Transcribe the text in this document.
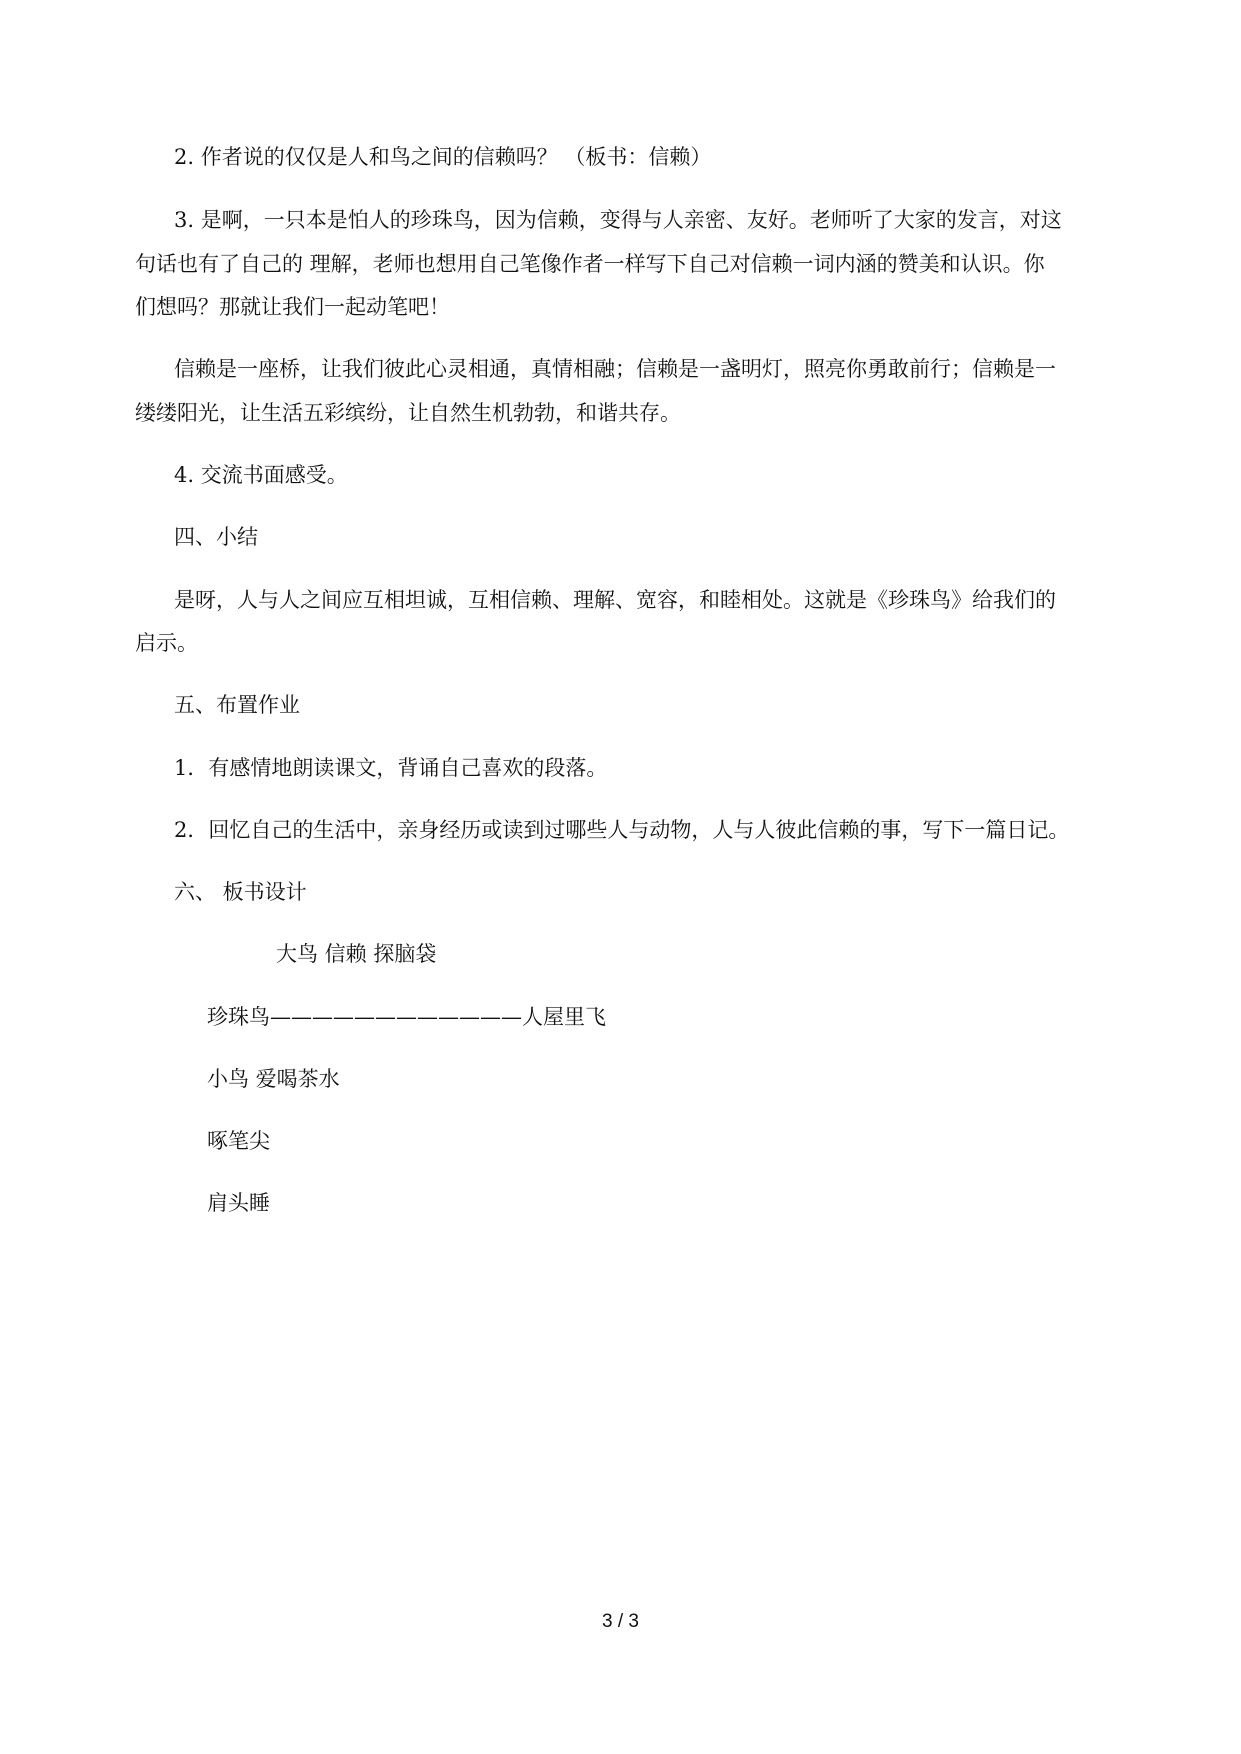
2. 作者说的仅仅是人和鸟之间的信赖吗？ （板书：信赖）
3. 是啊，一只本是怕人的珍珠鸟，因为信赖，变得与人亲密、友好。老师听了大家的发言，对这
句话也有了自己的 理解，老师也想用自己笔像作者一样写下自己对信赖一词内涵的赞美和认识。你
们想吗？那就让我们一起动笔吧！
信赖是一座桥，让我们彼此心灵相通，真情相融；信赖是一盏明灯，照亮你勇敢前行；信赖是一
缕缕阳光，让生活五彩缤纷，让自然生机勃勃，和谐共存。
4. 交流书面感受。
四、小结
是呀，人与人之间应互相坦诚，互相信赖、理解、宽容，和睦相处。这就是《珍珠鸟》给我们的
启示。
五、布置作业
1．有感情地朗读课文，背诵自己喜欢的段落。
2．回忆自己的生活中，亲身经历或读到过哪些人与动物，人与人彼此信赖的事，写下一篇日记。
六、 板书设计
大鸟 信赖 探脑袋
珍珠鸟————————————人屋里飞
小鸟 爱喝茶水
啄笔尖
肩头睡
3 / 3
